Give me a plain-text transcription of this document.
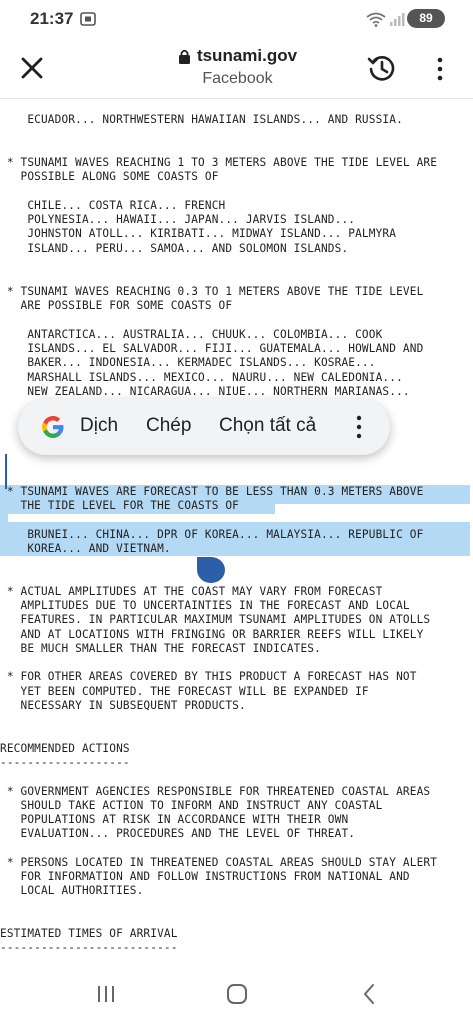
21:37	89
tsunami.gov
Facebook
ECUADOR... NORTHWESTERN HAWAIIAN ISLANDS... AND RUSSIA.
* TSUNAMI WAVES REACHING 1 TO 3 METERS ABOVE THE TIDE LEVEL ARE
POSSIBLE ALONG SOME COASTS OF
CHILE... COSTA RICA... FRENCH
POLYNESIA... HAWAII... JAPAN... JARVIS ISLAND...
JOHNSTON ATOLL... KIRIBATI... MIDWAY ISLAND... PALMYRA
ISLAND... PERU... SAMOA... AND SOLOMON ISLANDS.
* TSUNAMI WAVES REACHING 0.3 TO 1 METERS ABOVE THE TIDE LEVEL
ARE POSSIBLE FOR SOME COASTS OF
ANTARCTICA... AUSTRALIA... CHUUK... COLOMBIA... COOK
ISLANDS... EL SALVADOR... FIJI... GUATEMALA... HOWLAND AND
BAKER... INDONESIA... KERMADEC ISLANDS... KOSRAE...
MARSHALL ISLANDS... MEXICO... NAURU... NEW CALEDONIA...
NEW ZEALAND... NICARAGUA... NIUE... NORTHERN MARIANAS...
* TSUNAMI WAVES ARE FORECAST TO BE LESS THAN 0.3 METERS ABOVE
THE TIDE LEVEL FOR THE COASTS OF
BRUNEI... CHINA... DPR OF KOREA... MALAYSIA... REPUBLIC OF
KOREA... AND VIETNAM.
* ACTUAL AMPLITUDES AT THE COAST MAY VARY FROM FORECAST
AMPLITUDES DUE TO UNCERTAINTIES IN THE FORECAST AND LOCAL
FEATURES. IN PARTICULAR MAXIMUM TSUNAMI AMPLITUDES ON ATOLLS
AND AT LOCATIONS WITH FRINGING OR BARRIER REEFS WILL LIKELY
BE MUCH SMALLER THAN THE FORECAST INDICATES.
* FOR OTHER AREAS COVERED BY THIS PRODUCT A FORECAST HAS NOT
YET BEEN COMPUTED. THE FORECAST WILL BE EXPANDED IF
NECESSARY IN SUBSEQUENT PRODUCTS.
RECOMMENDED ACTIONS
-------------------
* GOVERNMENT AGENCIES RESPONSIBLE FOR THREATENED COASTAL AREAS
SHOULD TAKE ACTION TO INFORM AND INSTRUCT ANY COASTAL
POPULATIONS AT RISK IN ACCORDANCE WITH THEIR OWN
EVALUATION... PROCEDURES AND THE LEVEL OF THREAT.
* PERSONS LOCATED IN THREATENED COASTAL AREAS SHOULD STAY ALERT
FOR INFORMATION AND FOLLOW INSTRUCTIONS FROM NATIONAL AND
LOCAL AUTHORITIES.
ESTIMATED TIMES OF ARRIVAL
--------------------------
Dịch Chép Chọn tất cả
